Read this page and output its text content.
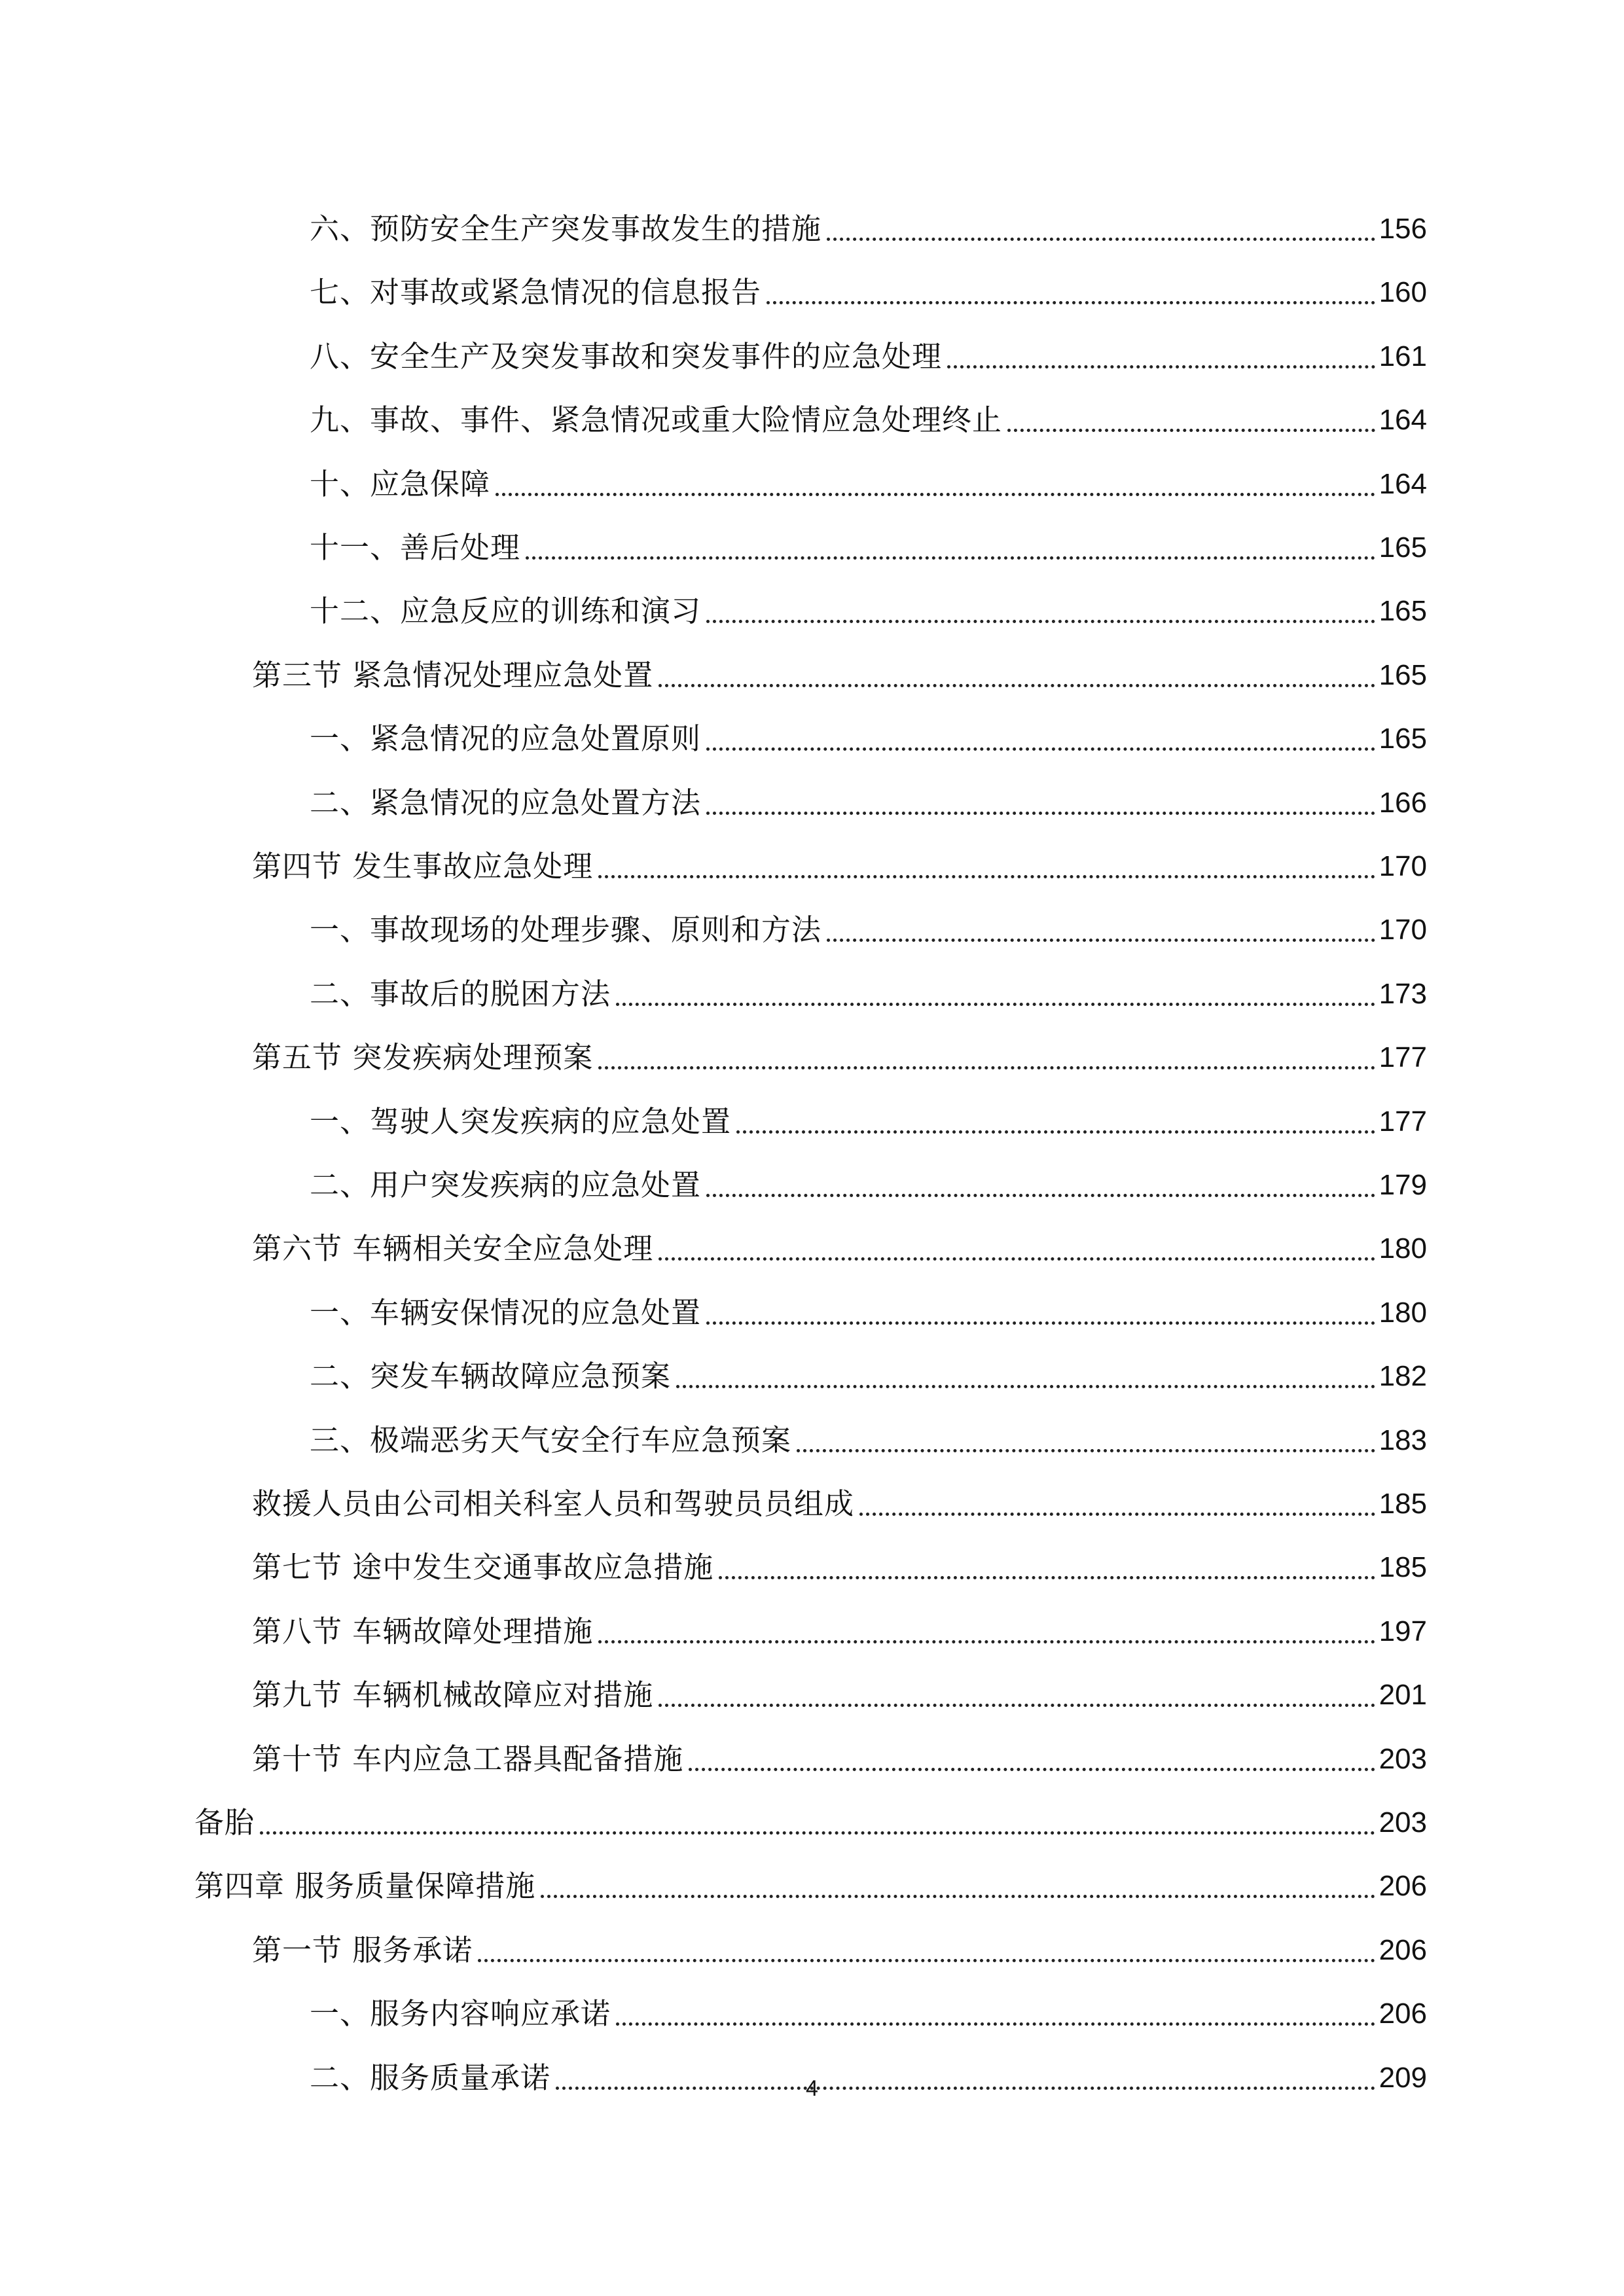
六、预防安全生产突发事故发生的措施	156
七、对事故或紧急情况的信息报告	160
八、安全生产及突发事故和突发事件的应急处理	161
九、事故、事件、紧急情况或重大险情应急处理终止	164
十、应急保障	164
十一、善后处理	165
十二、应急反应的训练和演习	165
第三节 紧急情况处理应急处置	165
一、紧急情况的应急处置原则	165
二、紧急情况的应急处置方法	166
第四节 发生事故应急处理	170
一、事故现场的处理步骤、原则和方法	170
二、事故后的脱困方法	173
第五节 突发疾病处理预案	177
一、驾驶人突发疾病的应急处置	177
二、用户突发疾病的应急处置	179
第六节 车辆相关安全应急处理	180
一、车辆安保情况的应急处置	180
二、突发车辆故障应急预案	182
三、极端恶劣天气安全行车应急预案	183
救援人员由公司相关科室人员和驾驶员员组成	185
第七节 途中发生交通事故应急措施	185
第八节 车辆故障处理措施	197
第九节 车辆机械故障应对措施	201
第十节 车内应急工器具配备措施	203
备胎	203
第四章 服务质量保障措施	206
第一节 服务承诺	206
一、服务内容响应承诺	206
二、服务质量承诺	209
4
